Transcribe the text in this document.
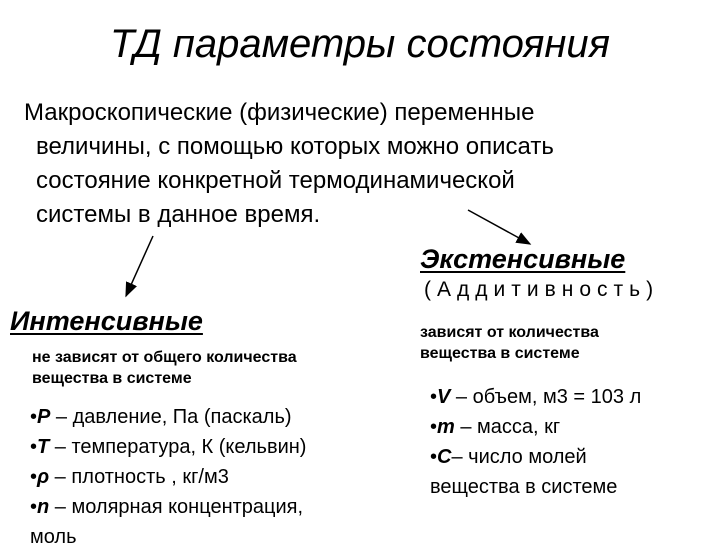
ТД параметры состояния
Макроскопические (физические) переменные
величины, с помощью которых можно описать
состояние конкретной термодинамической
системы в данное время.
Экстенсивные
(Аддитивность)
Интенсивные
не зависят от общего количества
вещества в системе
зависят от количества
вещества в системе
•P – давление, Па (паскаль)
•T – температура, К (кельвин)
•ρ – плотность , кг/м3
•n – молярная концентрация,
моль
•V – объем, м3 = 103 л
•m – масса, кг
•C– число молей
вещества в системе
